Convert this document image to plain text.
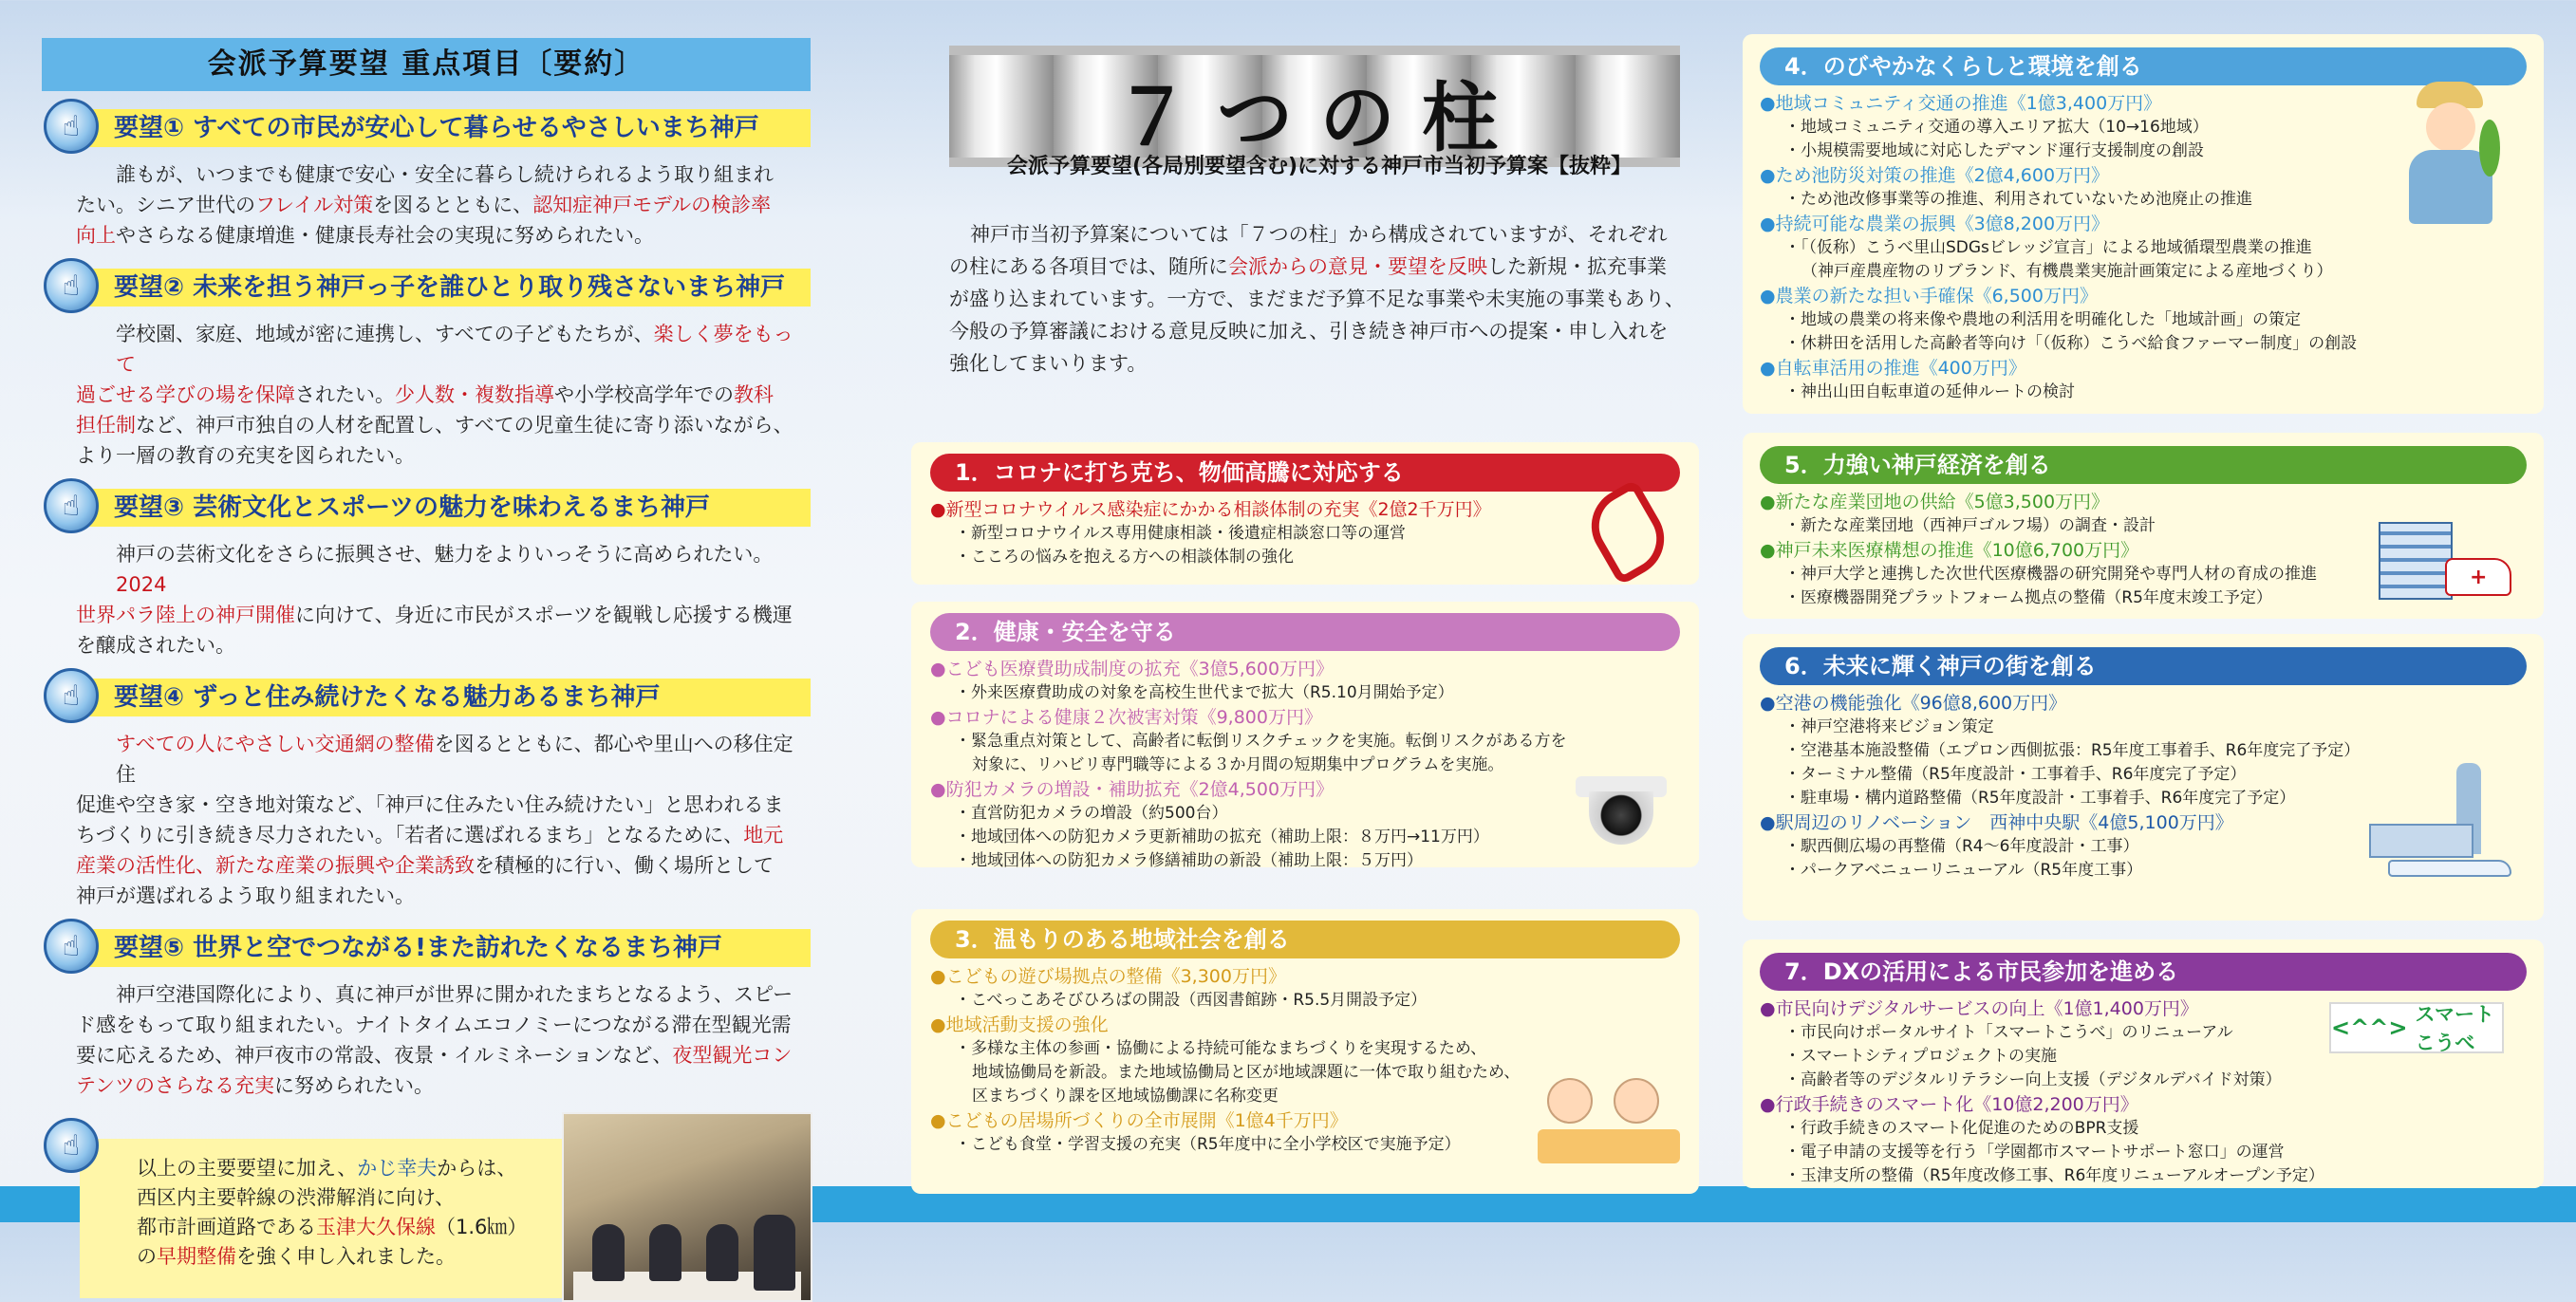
会派予算要望 重点項目〔要約〕
☝	要望① すべての市民が安心して暮らせるやさしいまち神戸
誰もが、いつまでも健康で安心・安全に暮らし続けられるよう取り組まれ
たい。シニア世代のフレイル対策を図るとともに、認知症神戸モデルの検診率
向上やさらなる健康増進・健康長寿社会の実現に努められたい。
☝	要望② 未来を担う神戸っ子を誰ひとり取り残さないまち神戸
学校園、家庭、地域が密に連携し、すべての子どもたちが、楽しく夢をもって
過ごせる学びの場を保障されたい。少人数・複数指導や小学校高学年での教科
担任制など、神戸市独自の人材を配置し、すべての児童生徒に寄り添いながら、
より一層の教育の充実を図られたい。
☝	要望③ 芸術文化とスポーツの魅力を味わえるまち神戸
神戸の芸術文化をさらに振興させ、魅力をよりいっそうに高められたい。2024
世界パラ陸上の神戸開催に向けて、身近に市民がスポーツを観戦し応援する機運
を醸成されたい。
☝	要望④ ずっと住み続けたくなる魅力あるまち神戸
すべての人にやさしい交通網の整備を図るとともに、都心や里山への移住定住
促進や空き家・空き地対策など、「神戸に住みたい住み続けたい」と思われるま
ちづくりに引き続き尽力されたい。「若者に選ばれるまち」となるために、地元
産業の活性化、新たな産業の振興や企業誘致を積極的に行い、働く場所として
神戸が選ばれるよう取り組まれたい。
☝	要望⑤ 世界と空でつながる!また訪れたくなるまち神戸
神戸空港国際化により、真に神戸が世界に開かれたまちとなるよう、スピー
ド感をもって取り組まれたい。ナイトタイムエコノミーにつながる滞在型観光需
要に応えるため、神戸夜市の常設、夜景・イルミネーションなど、夜型観光コン
テンツのさらなる充実に努められたい。
☝
以上の主要要望に加え、かじ幸夫からは、
西区内主要幹線の渋滞解消に向け、
都市計画道路である玉津大久保線（1.6㎞）
の早期整備を強く申し入れました。
７つの柱
会派予算要望(各局別要望含む)に対する神戸市当初予算案【抜粋】
神戸市当初予算案については「７つの柱」から構成されていますが、それぞれ
の柱にある各項目では、随所に会派からの意見・要望を反映した新規・拡充事業
が盛り込まれています。一方で、まだまだ予算不足な事業や未実施の事業もあり、
今般の予算審議における意見反映に加え、引き続き神戸市への提案・申し入れを
強化してまいります。
1．コロナに打ち克ち、物価高騰に対応する
●新型コロナウイルス感染症にかかる相談体制の充実《2億2千万円》
・新型コロナウイルス専用健康相談・後遺症相談窓口等の運営
・こころの悩みを抱える方への相談体制の強化
2．健康・安全を守る
●こども医療費助成制度の拡充《3億5,600万円》
・外来医療費助成の対象を高校生世代まで拡大（R5.10月開始予定）
●コロナによる健康２次被害対策《9,800万円》
・緊急重点対策として、高齢者に転倒リスクチェックを実施。転倒リスクがある方を
対象に、リハビリ専門職等による３か月間の短期集中プログラムを実施。
●防犯カメラの増設・補助拡充《2億4,500万円》
・直営防犯カメラの増設（約500台）
・地域団体への防犯カメラ更新補助の拡充（補助上限：８万円→11万円）
・地域団体への防犯カメラ修繕補助の新設（補助上限：５万円）
3．温もりのある地域社会を創る
●こどもの遊び場拠点の整備《3,300万円》
・こべっこあそびひろばの開設（西図書館跡・R5.5月開設予定）
●地域活動支援の強化
・多様な主体の参画・協働による持続可能なまちづくりを実現するため、
地域協働局を新設。また地域協働局と区が地域課題に一体で取り組むため、
区まちづくり課を区地域協働課に名称変更
●こどもの居場所づくりの全市展開《1億4千万円》
・こども食堂・学習支援の充実（R5年度中に全小学校区で実施予定）
4．のびやかなくらしと環境を創る
●地域コミュニティ交通の推進《1億3,400万円》
・地域コミュニティ交通の導入エリア拡大（10→16地域）
・小規模需要地域に対応したデマンド運行支援制度の創設
●ため池防災対策の推進《2億4,600万円》
・ため池改修事業等の推進、利用されていないため池廃止の推進
●持続可能な農業の振興《3億8,200万円》
・「（仮称）こうべ里山SDGsビレッジ宣言」による地域循環型農業の推進
（神戸産農産物のリブランド、有機農業実施計画策定による産地づくり）
●農業の新たな担い手確保《6,500万円》
・地域の農業の将来像や農地の利活用を明確化した「地域計画」の策定
・休耕田を活用した高齢者等向け「（仮称）こうべ給食ファーマー制度」の創設
●自転車活用の推進《400万円》
・神出山田自転車道の延伸ルートの検討
+
5．力強い神戸経済を創る
●新たな産業団地の供給《5億3,500万円》
・新たな産業団地（西神戸ゴルフ場）の調査・設計
●神戸未来医療構想の推進《10億6,700万円》
・神戸大学と連携した次世代医療機器の研究開発や専門人材の育成の推進
・医療機器開発プラットフォーム拠点の整備（R5年度末竣工予定）
6．未来に輝く神戸の街を創る
●空港の機能強化《96億8,600万円》
・神戸空港将来ビジョン策定
・空港基本施設整備（エプロン西側拡張：R5年度工事着手、R6年度完了予定）
・ターミナル整備（R5年度設計・工事着手、R6年度完了予定）
・駐車場・構内道路整備（R5年度設計・工事着手、R6年度完了予定）
●駅周辺のリノベーション　西神中央駅《4億5,100万円》
・駅西側広場の再整備（R4～6年度設計・工事）
・パークアベニューリニューアル（R5年度工事）
<^^> スマートこうべ
7．DXの活用による市民参加を進める
●市民向けデジタルサービスの向上《1億1,400万円》
・市民向けポータルサイト「スマートこうべ」のリニューアル
・スマートシティプロジェクトの実施
・高齢者等のデジタルリテラシー向上支援（デジタルデバイド対策）
●行政手続きのスマート化《10億2,200万円》
・行政手続きのスマート化促進のためのBPR支援
・電子申請の支援等を行う「学園都市スマートサポート窓口」の運営
・玉津支所の整備（R5年度改修工事、R6年度リニューアルオープン予定）
